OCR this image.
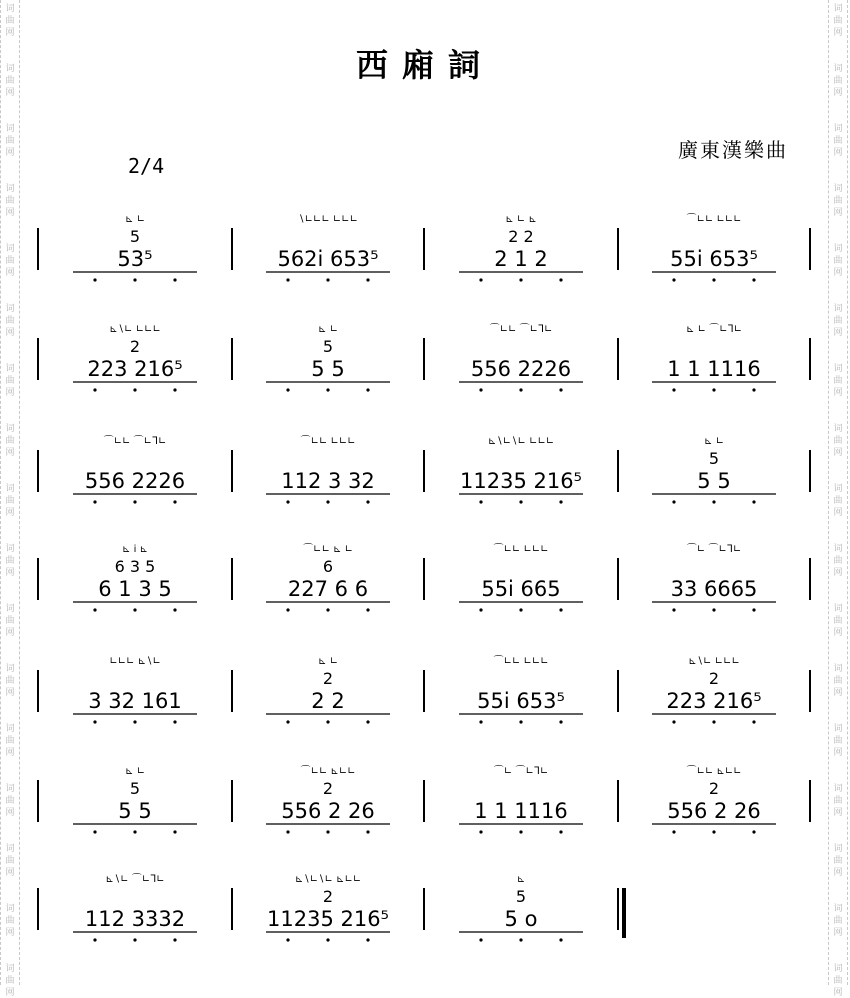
词
曲
网
词
曲
网
词
曲
网
词
曲
网
词
曲
网
词
曲
网
词
曲
网
词
曲
网
词
曲
网
词
曲
网
词
曲
网
词
曲
网
词
曲
网
词
曲
网
词
曲
网
词
曲
网
词
曲
网
词
曲
网
词
曲
网
词
曲
网
词
曲
网
词
曲
网
词
曲
网
词
曲
网
词
曲
网
词
曲
网
词
曲
网
词
曲
网
词
曲
网
词
曲
网
词
曲
网
词
曲
网
词
曲
网
词
曲
网
西廂詞
廣東漢樂曲
2/4
⊾ ∟
5
53⁵
∖∟∟∟ ∟∟∟
562i 653⁵
⊾ ∟ ⊾
2 2
2 1 2
⌒∟∟ ∟∟∟
55i 653⁵
⊾∖∟ ∟∟∟
2
223 216⁵
⊾ ∟
5
5 5
⌒∟∟ ⌒∟ᒣ∟
556 2226
⊾ ∟ ⌒∟ᒣ∟
1 1 1116
⌒∟∟ ⌒∟ᒣ∟
556 2226
⌒∟∟ ∟∟∟
112 3 32
⊾∖∟∖∟ ∟∟∟
11235 216⁵
⊾ ∟
5
5 5
⊾ i ⊾
6 3 5
6 1 3 5
⌒∟∟ ⊾ ∟
6
227 6 6
⌒∟∟ ∟∟∟
55i 665
⌒∟ ⌒∟ᒣ∟
33 6665
∟∟∟ ⊾∖∟
3 32 161
⊾ ∟
2
2 2
⌒∟∟ ∟∟∟
55i 653⁵
⊾∖∟ ∟∟∟
2
223 216⁵
⊾ ∟
5
5 5
⌒∟∟ ⊾∟∟
2
556 2 26
⌒∟ ⌒∟ᒣ∟
1 1 1116
⌒∟∟ ⊾∟∟
2
556 2 26
⊾∖∟ ⌒∟ᒣ∟
112 3332
⊾∖∟∖∟ ⊾∟∟
2
11235 216⁵
⊾
5
5 o
